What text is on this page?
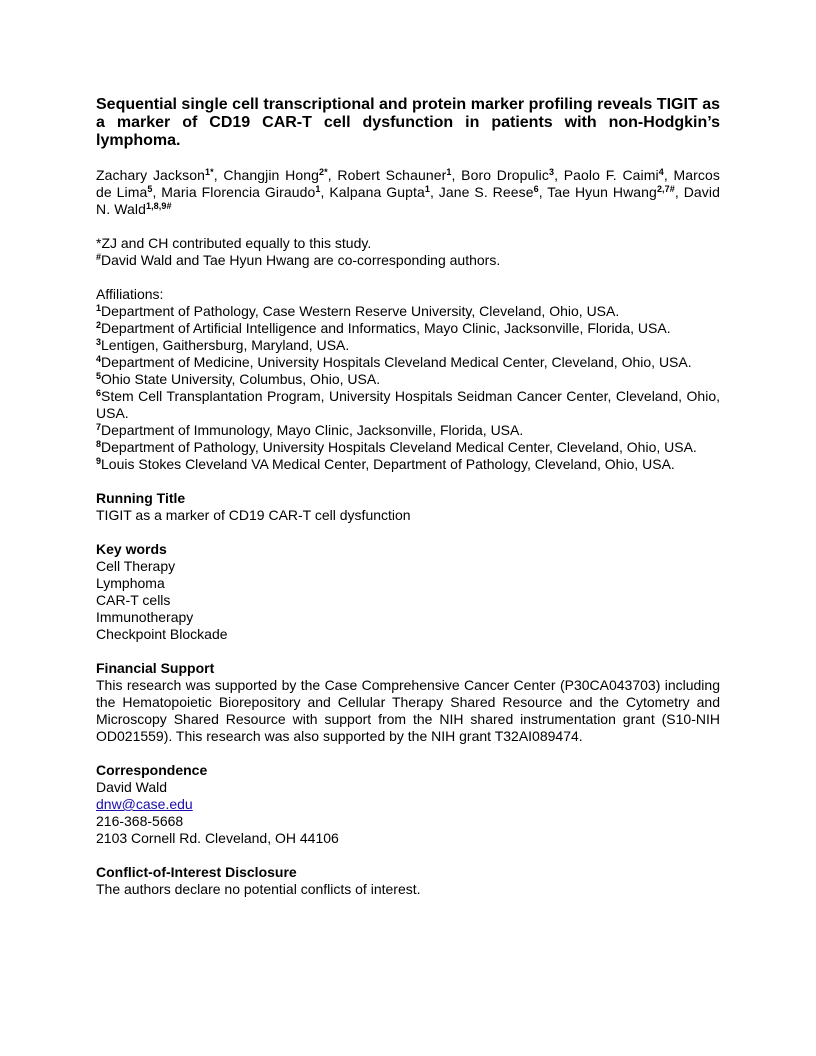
Sequential single cell transcriptional and protein marker profiling reveals TIGIT as a marker of CD19 CAR-T cell dysfunction in patients with non-Hodgkin’s lymphoma.
Zachary Jackson$^{1*}$, Changjin Hong$^{2*}$, Robert Schauner$^1$, Boro Dropulic$^3$, Paolo F. Caimi$^4$, Marcos de Lima$^5$, Maria Florencia Giraudo$^1$, Kalpana Gupta$^1$, Jane S. Reese$^6$, Tae Hyun Hwang$^{2,7\#}$, David N. Wald$^{1,8,9\#}$
*ZJ and CH contributed equally to this study.
#David Wald and Tae Hyun Hwang are co-corresponding authors.
Affiliations:
$^1$Department of Pathology, Case Western Reserve University, Cleveland, Ohio, USA.
$^2$Department of Artificial Intelligence and Informatics, Mayo Clinic, Jacksonville, Florida, USA.
$^3$Lentigen, Gaithersburg, Maryland, USA.
$^4$Department of Medicine, University Hospitals Cleveland Medical Center, Cleveland, Ohio, USA.
$^5$Ohio State University, Columbus, Ohio, USA.
$^6$Stem Cell Transplantation Program, University Hospitals Seidman Cancer Center, Cleveland, Ohio, USA.
$^7$Department of Immunology, Mayo Clinic, Jacksonville, Florida, USA.
$^8$Department of Pathology, University Hospitals Cleveland Medical Center, Cleveland, Ohio, USA.
$^9$Louis Stokes Cleveland VA Medical Center, Department of Pathology, Cleveland, Ohio, USA.
Running Title
TIGIT as a marker of CD19 CAR-T cell dysfunction
Key words
Cell Therapy
Lymphoma
CAR-T cells
Immunotherapy
Checkpoint Blockade
Financial Support
This research was supported by the Case Comprehensive Cancer Center (P30CA043703) including the Hematopoietic Biorepository and Cellular Therapy Shared Resource and the Cytometry and Microscopy Shared Resource with support from the NIH shared instrumentation grant (S10-NIH OD021559). This research was also supported by the NIH grant T32AI089474.
Correspondence
David Wald
dnw@case.edu
216-368-5668
2103 Cornell Rd. Cleveland, OH 44106
Conflict-of-Interest Disclosure
The authors declare no potential conflicts of interest.
